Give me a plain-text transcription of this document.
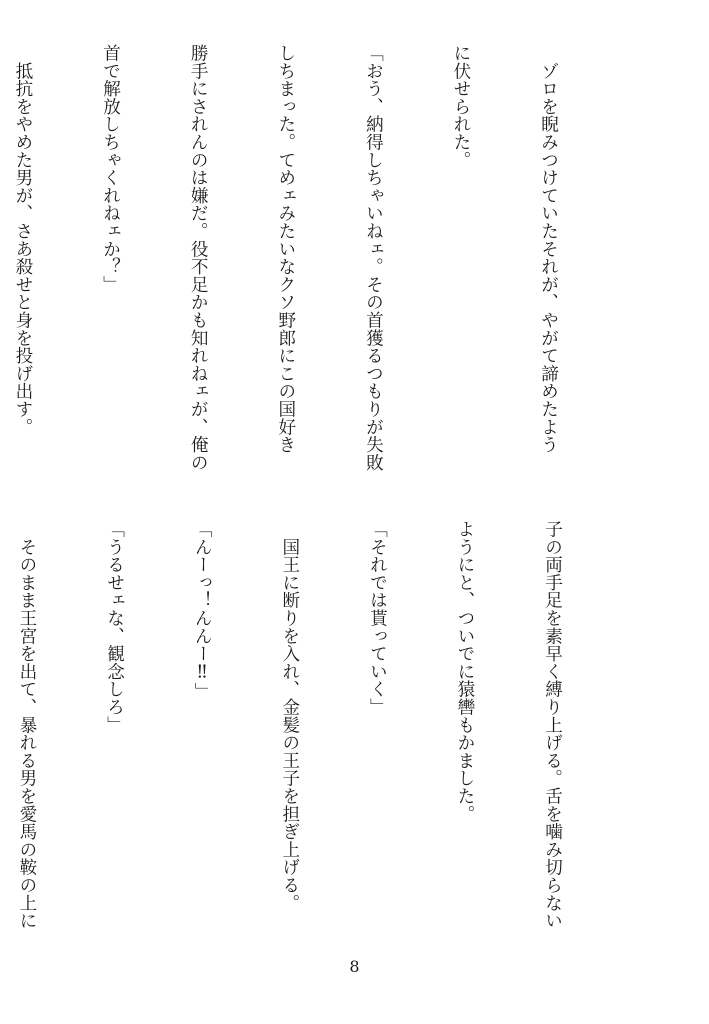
　ゾロを睨みつけていたそれが、やがて諦めたよう

に伏せられた。

「おう、納得しちゃいねェ。その首獲るつもりが失敗

しちまった。てめェみたいなクソ野郎にこの国好き

勝手にされんのは嫌だ。役不足かも知れねェが、俺の

首で解放しちゃくれねェか？」

　抵抗をやめた男が、さあ殺せと身を投げ出す。

子の両手足を素早く縛り上げる。舌を噛み切らない

ようにと、ついでに猿轡もかました。

「それでは貰っていく」

　国王に断りを入れ、金髪の王子を担ぎ上げる。

「んーっ！んんー‼」

「うるせェな、観念しろ」

　そのまま王宮を出て、暴れる男を愛馬の鞍の上に

8
